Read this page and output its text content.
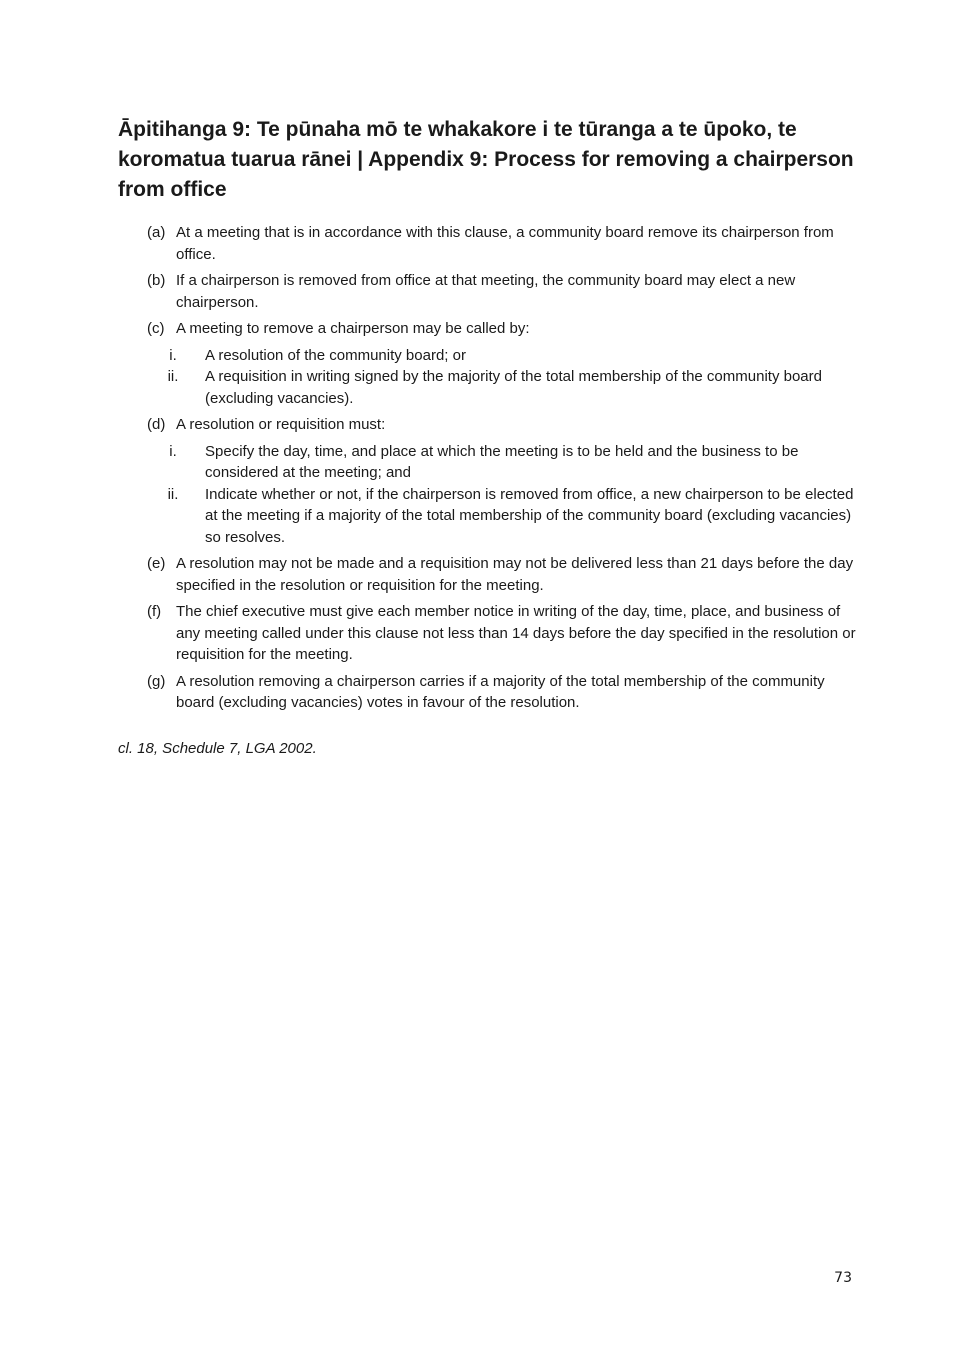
Āpitihanga 9: Te pūnaha mō te whakakore i te tūranga a te ūpoko, te koromatua tuarua rānei | Appendix 9: Process for removing a chairperson from office
(a) At a meeting that is in accordance with this clause, a community board remove its chairperson from office.
(b) If a chairperson is removed from office at that meeting, the community board may elect a new chairperson.
(c) A meeting to remove a chairperson may be called by:
i.	A resolution of the community board; or
ii.	A requisition in writing signed by the majority of the total membership of the community board (excluding vacancies).
(d) A resolution or requisition must:
i.	Specify the day, time, and place at which the meeting is to be held and the business to be considered at the meeting; and
ii.	Indicate whether or not, if the chairperson is removed from office, a new chairperson to be elected at the meeting if a majority of the total membership of the community board (excluding vacancies) so resolves.
(e) A resolution may not be made and a requisition may not be delivered less than 21 days before the day specified in the resolution or requisition for the meeting.
(f) The chief executive must give each member notice in writing of the day, time, place, and business of any meeting called under this clause not less than 14 days before the day specified in the resolution or requisition for the meeting.
(g) A resolution removing a chairperson carries if a majority of the total membership of the community board (excluding vacancies) votes in favour of the resolution.

cl. 18, Schedule 7, LGA 2002.

73
